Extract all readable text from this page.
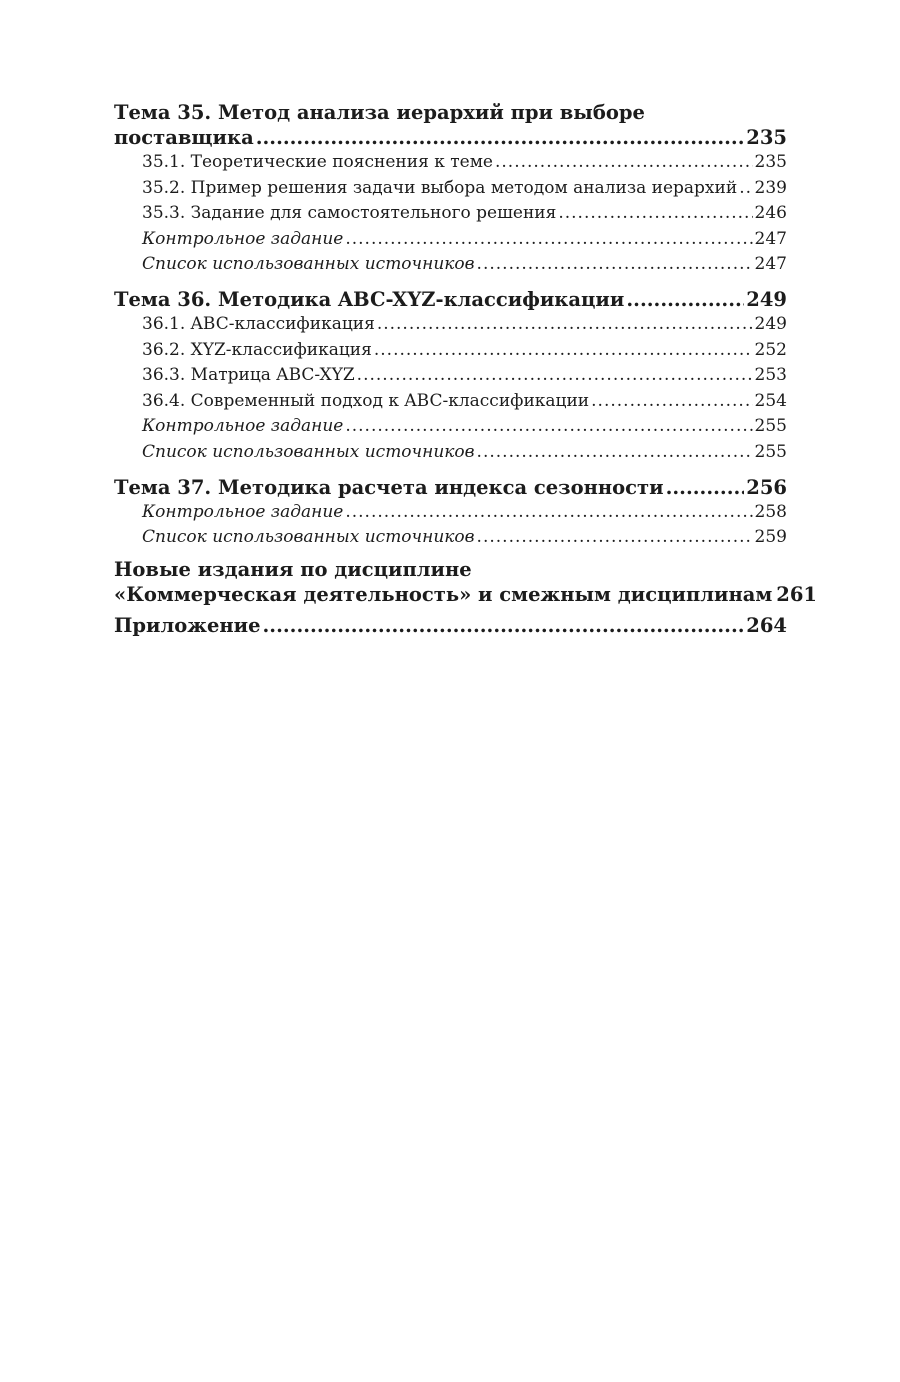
Тема 35. Метод анализа иерархий при выборе
поставщика .....	235
35.1. Теоретические пояснения к теме .....	235
35.2. Пример решения задачи выбора методом анализа иерархий ..... 239
35.3. Задание для самостоятельного решения .....	246
Контрольное задание .....	247
Список использованных источников .....	247
Тема 36. Методика ABC-XYZ-классификации .....	249
36.1. ABC-классификация .....	249
36.2. XYZ-классификация .....	252
36.3. Матрица ABC-XYZ .....	253
36.4. Современный подход к ABC-классификации .....	254
Контрольное задание .....	255
Список использованных источников .....	255
Тема 37. Методика расчета индекса сезонности .....	256
Контрольное задание .....	258
Список использованных источников .....	259
Новые издания по дисциплине
«Коммерческая деятельность» и смежным дисциплинам 261
Приложение .....	264
